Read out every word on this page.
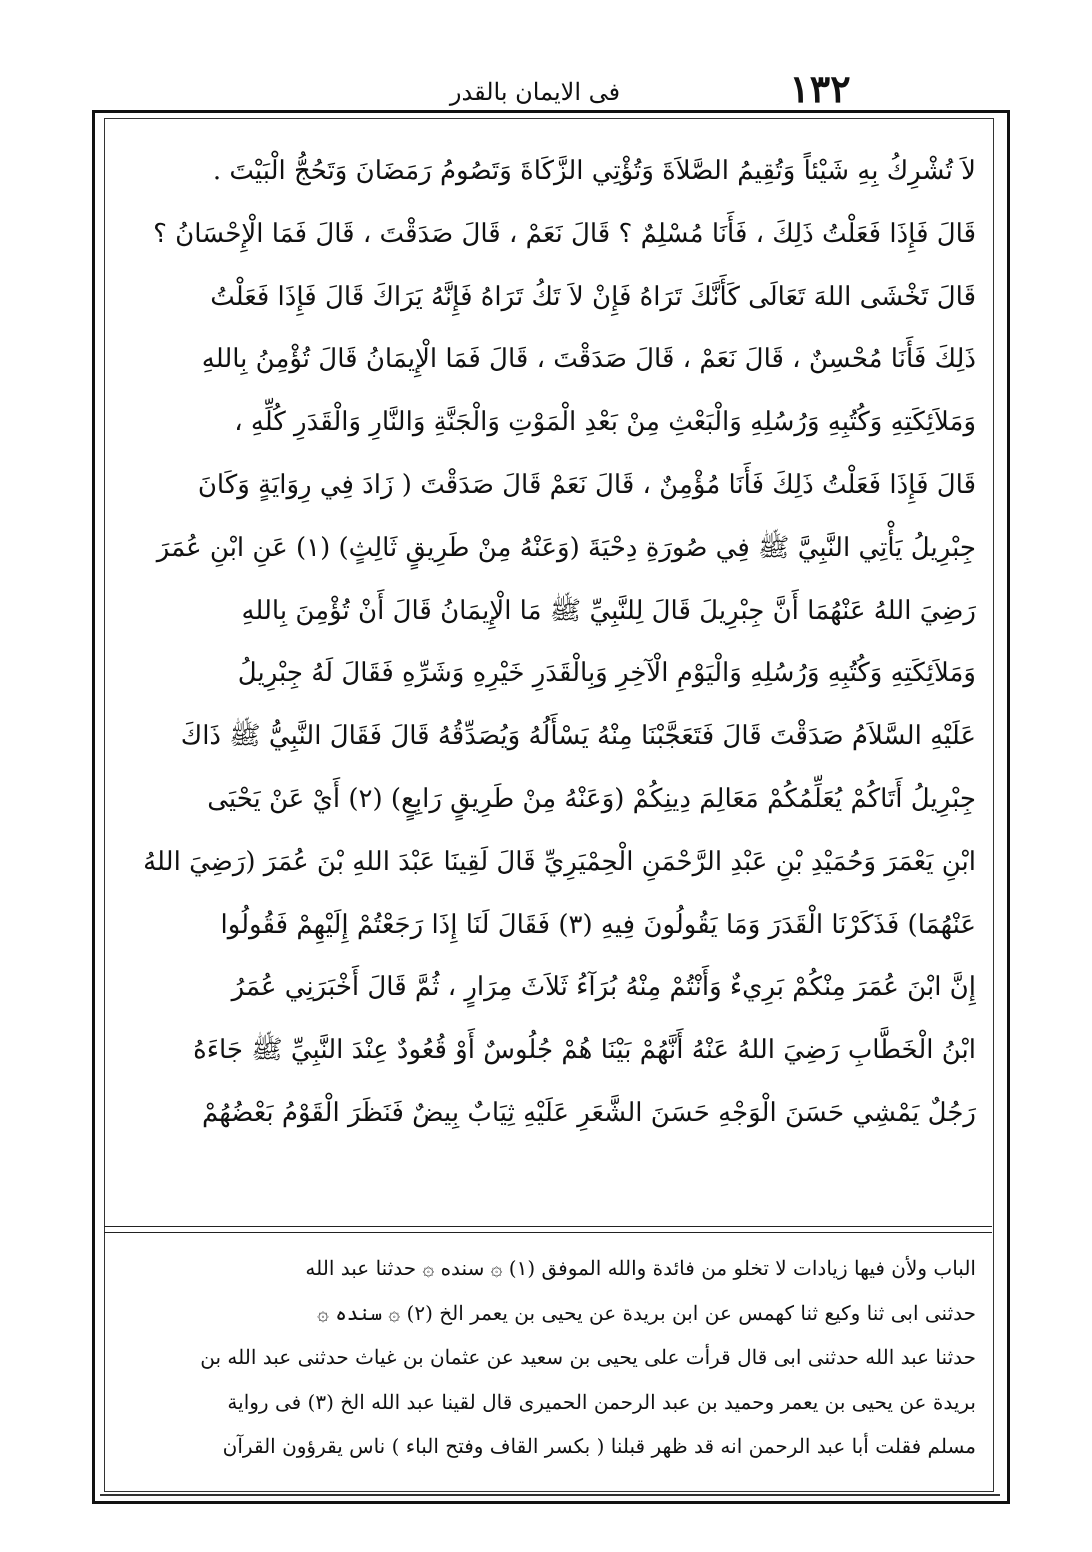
١٣٢
فى الايمان بالقدر
لاَ تُشْرِكُ بِهِ شَيْئاً وَتُقِيمُ الصَّلاَةَ وَتُؤْتِي الزَّكَاةَ وَتَصُومُ رَمَضَانَ وَتَحُجُّ الْبَيْتَ .
قَالَ فَإِذَا فَعَلْتُ ذَلِكَ ، فَأَنَا مُسْلِمٌ ؟ قَالَ نَعَمْ ، قَالَ صَدَقْتَ ، قَالَ فَمَا الْإِحْسَانُ ؟
قَالَ تَخْشَى اللهَ تَعَالَى كَأَنَّكَ تَرَاهُ فَإِنْ لاَ تَكُ تَرَاهُ فَإِنَّهُ يَرَاكَ قَالَ فَإِذَا فَعَلْتُ
ذَلِكَ فَأَنَا مُحْسِنٌ ، قَالَ نَعَمْ ، قَالَ صَدَقْتَ ، قَالَ فَمَا الْإِيمَانُ قَالَ تُؤْمِنُ بِاللهِ
وَمَلاَئِكَتِهِ وَكُتُبِهِ وَرُسُلِهِ وَالْبَعْثِ مِنْ بَعْدِ الْمَوْتِ وَالْجَنَّةِ وَالنَّارِ وَالْقَدَرِ كُلِّهِ ،
قَالَ فَإِذَا فَعَلْتُ ذَلِكَ فَأَنَا مُؤْمِنٌ ، قَالَ نَعَمْ قَالَ صَدَقْتَ ( زَادَ فِي رِوَايَةٍ وَكَانَ
جِبْرِيلُ يَأْتِي النَّبِيَّ ﷺ فِي صُورَةِ دِحْيَةَ (وَعَنْهُ مِنْ طَرِيقٍ ثَالِثٍ) (١) عَنِ ابْنِ عُمَرَ
رَضِيَ اللهُ عَنْهُمَا أَنَّ جِبْرِيلَ قَالَ لِلنَّبِيِّ ﷺ مَا الْإِيمَانُ قَالَ أَنْ تُؤْمِنَ بِاللهِ
وَمَلاَئِكَتِهِ وَكُتُبِهِ وَرُسُلِهِ وَالْيَوْمِ الْآخِرِ وَبِالْقَدَرِ خَيْرِهِ وَشَرِّهِ فَقَالَ لَهُ جِبْرِيلُ
عَلَيْهِ السَّلاَمُ صَدَقْتَ قَالَ فَتَعَجَّبْنَا مِنْهُ يَسْأَلُهُ وَيُصَدِّقُهُ قَالَ فَقَالَ النَّبِيُّ ﷺ ذَاكَ
جِبْرِيلُ أَتَاكُمْ يُعَلِّمُكُمْ مَعَالِمَ دِينِكُمْ (وَعَنْهُ مِنْ طَرِيقٍ رَابِعٍ) (٢) أَيْ عَنْ يَحْيَى
ابْنِ يَعْمَرَ وَحُمَيْدِ بْنِ عَبْدِ الرَّحْمَنِ الْحِمْيَرِيِّ قَالَ لَقِينَا عَبْدَ اللهِ بْنَ عُمَرَ (رَضِيَ اللهُ
عَنْهُمَا) فَذَكَرْنَا الْقَدَرَ وَمَا يَقُولُونَ فِيهِ (٣) فَقَالَ لَنَا إِذَا رَجَعْتُمْ إِلَيْهِمْ فَقُولُوا
إِنَّ ابْنَ عُمَرَ مِنْكُمْ بَرِيءٌ وَأَنْتُمْ مِنْهُ بُرَآءُ ثَلاَثَ مِرَارٍ ، ثُمَّ قَالَ أَخْبَرَنِي عُمَرُ
ابْنُ الْخَطَّابِ رَضِيَ اللهُ عَنْهُ أَنَّهُمْ بَيْنَا هُمْ جُلُوسٌ أَوْ قُعُودٌ عِنْدَ النَّبِيِّ ﷺ جَاءَهُ
رَجُلٌ يَمْشِي حَسَنَ الْوَجْهِ حَسَنَ الشَّعَرِ عَلَيْهِ ثِيَابٌ بِيضٌ فَنَظَرَ الْقَوْمُ بَعْضُهُمْ
الباب ولأن فيها زيادات لا تخلو من فائدة والله الموفق (١) ۞ سنده ۞ حدثنا عبد الله
حدثنى ابى ثنا وكيع ثنا كهمس عن ابن بريدة عن يحيى بن يعمر الخ (٢) ۞ سنده ۞
حدثنا عبد الله حدثنى ابى قال قرأت على يحيى بن سعيد عن عثمان بن غياث حدثنى عبد الله بن
بريدة عن يحيى بن يعمر وحميد بن عبد الرحمن الحميرى قال لقينا عبد الله الخ (٣) فى رواية
مسلم فقلت أبا عبد الرحمن انه قد ظهر قبلنا ( بكسر القاف وفتح الباء ) ناس يقرؤون القرآن
